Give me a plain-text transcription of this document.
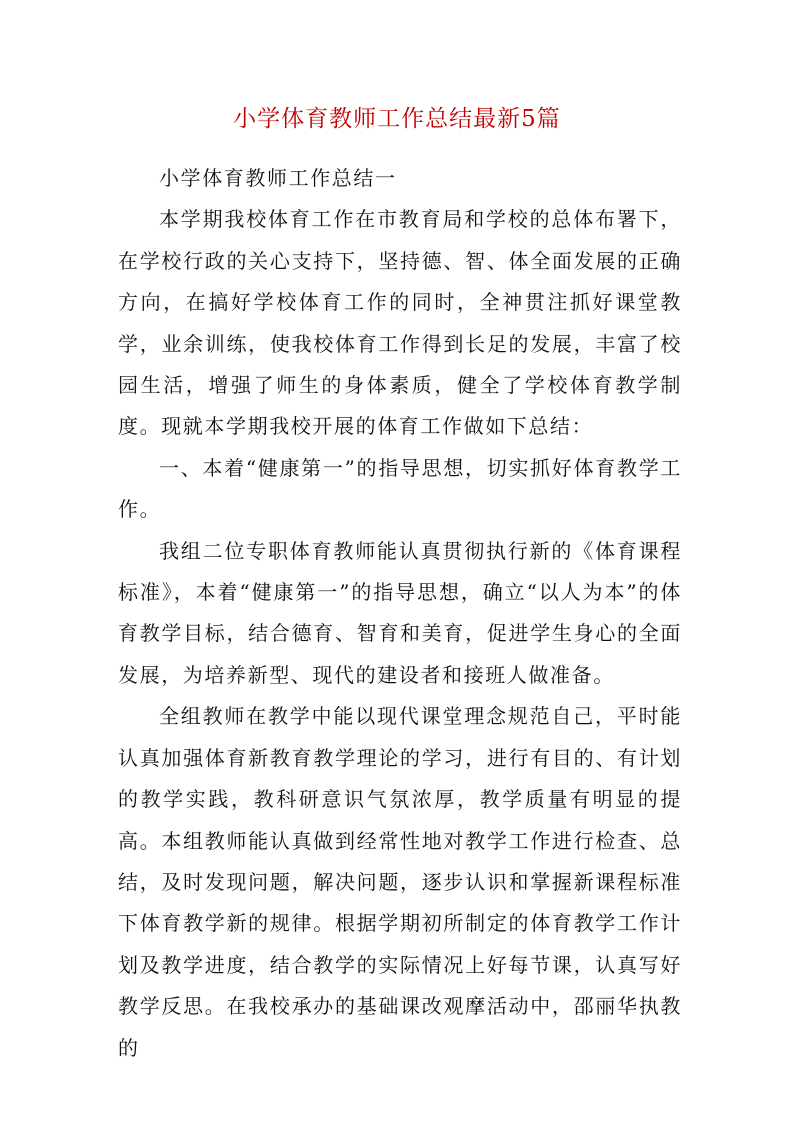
小学体育教师工作总结最新5篇

小学体育教师工作总结一

本学期我校体育工作在市教育局和学校的总体布署下，在学校行政的关心支持下，坚持德、智、体全面发展的正确方向，在搞好学校体育工作的同时，全神贯注抓好课堂教学，业余训练，使我校体育工作得到长足的发展，丰富了校园生活，增强了师生的身体素质，健全了学校体育教学制度。现就本学期我校开展的体育工作做如下总结：

一、本着“健康第一”的指导思想，切实抓好体育教学工作。

我组二位专职体育教师能认真贯彻执行新的《体育课程标准》，本着“健康第一”的指导思想，确立“以人为本”的体育教学目标，结合德育、智育和美育，促进学生身心的全面发展，为培养新型、现代的建设者和接班人做准备。

全组教师在教学中能以现代课堂理念规范自己，平时能认真加强体育新教育教学理论的学习，进行有目的、有计划的教学实践，教科研意识气氛浓厚，教学质量有明显的提高。本组教师能认真做到经常性地对教学工作进行检查、总结，及时发现问题，解决问题，逐步认识和掌握新课程标准下体育教学新的规律。根据学期初所制定的体育教学工作计划及教学进度，结合教学的实际情况上好每节课，认真写好教学反思。在我校承办的基础课改观摩活动中，邵丽华执教的
